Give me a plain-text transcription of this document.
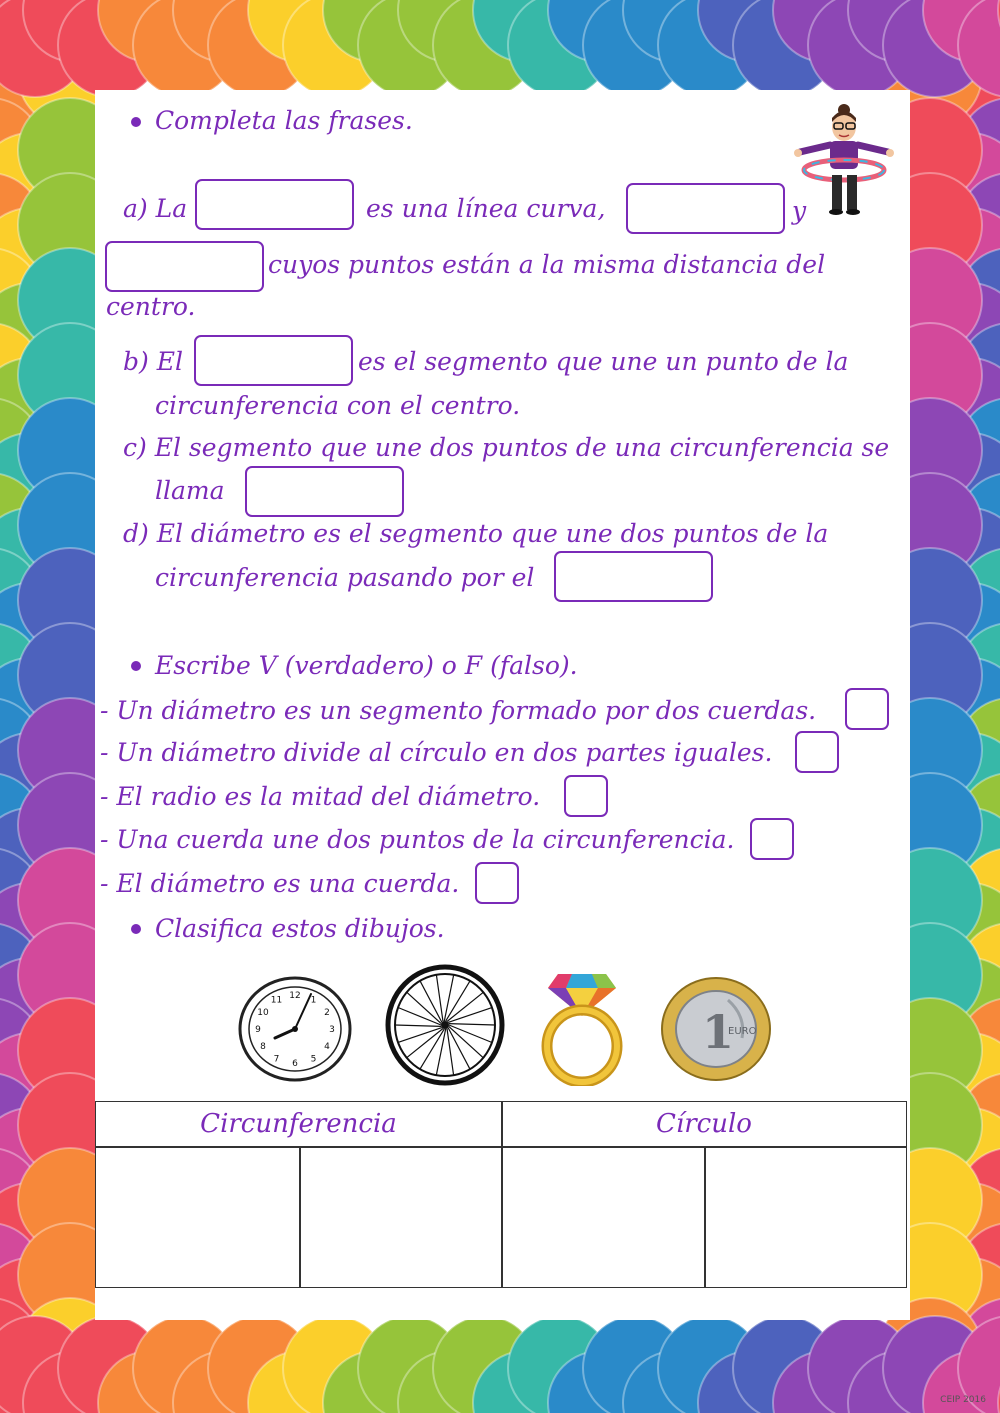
Completa las frases.
a) La	es una línea curva,	y
cuyos puntos están a la misma distancia del
centro.
b) El	es el segmento que une un punto de la
circunferencia con el centro.
c) El segmento que une dos puntos de una circunferencia se
llama
d) El diámetro es el segmento que une dos puntos de la
circunferencia pasando por el
Escribe V (verdadero) o F (falso).
- Un diámetro es un segmento formado por dos cuerdas.
- Un diámetro divide al círculo en dos partes iguales.
- El radio es la mitad del diámetro.
- Una cuerda une dos puntos de la circunferencia.
- El diámetro es una cuerda.
Clasifica estos dibujos.
12 1
2
3
4
5
6
7
8
9
10
11
1
EURO
Circunferencia	Círculo
CEIP 2016
